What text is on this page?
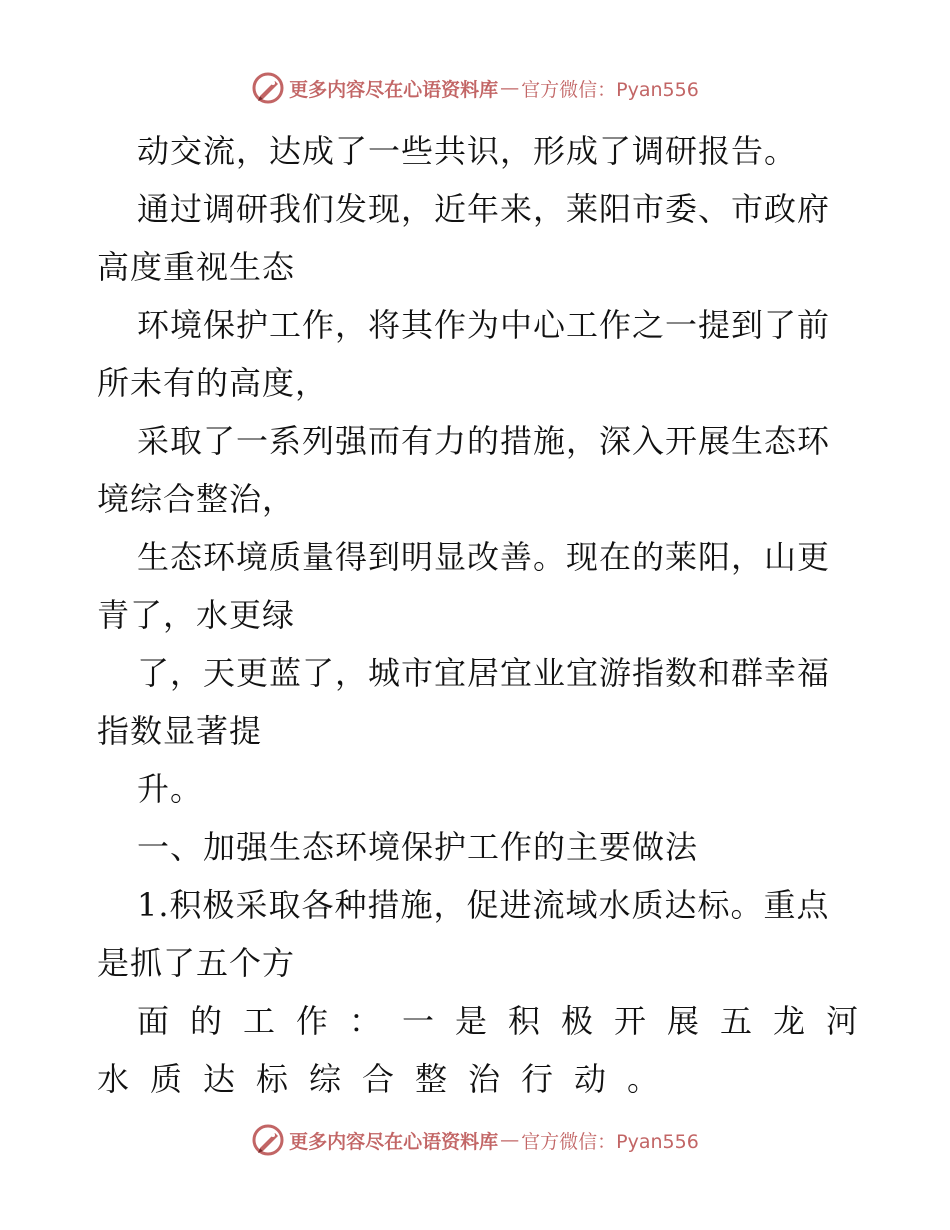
更多内容尽在心语资料库 — 官方微信：Pyan556
动交流，达成了一些共识，形成了调研报告。
通过调研我们发现，近年来，莱阳市委、市政府
高度重视生态
环境保护工作，将其作为中心工作之一提到了前
所未有的高度，
采取了一系列强而有力的措施，深入开展生态环
境综合整治，
生态环境质量得到明显改善。现在的莱阳，山更
青了，水更绿
了，天更蓝了，城市宜居宜业宜游指数和群幸福
指数显著提
升。
一、加强生态环境保护工作的主要做法
1.积极采取各种措施，促进流域水质达标。重点
是抓了五个方
面的工作：一是积极开展五龙河
水质达标综合整治行动。
更多内容尽在心语资料库 — 官方微信：Pyan556
